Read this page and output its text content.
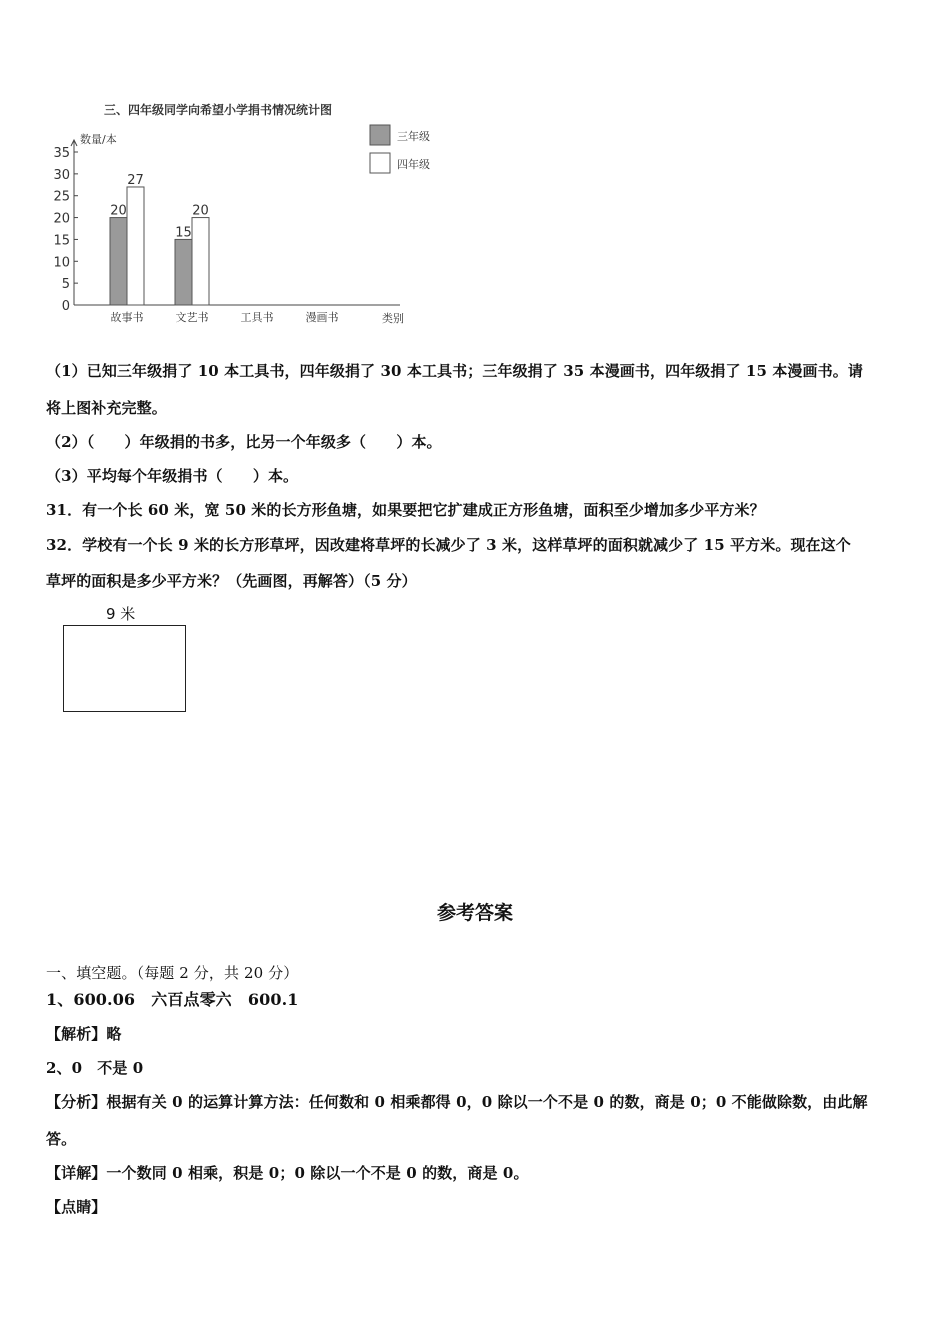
三、四年级同学向希望小学捐书情况统计图
数量/本
0
5
10
15
20
25
30
35
20
27
故事书
15
20
文艺书	工具书	漫画书	类别
三年级
四年级
（1）已知三年级捐了 10 本工具书，四年级捐了 30 本工具书；三年级捐了 35 本漫画书，四年级捐了 15 本漫画书。请
将上图补充完整。
（2）（　　）年级捐的书多，比另一个年级多（　　）本。
（3）平均每个年级捐书（　　）本。
31．有一个长 60 米，宽 50 米的长方形鱼塘，如果要把它扩建成正方形鱼塘，面积至少增加多少平方米？
32．学校有一个长 9 米的长方形草坪，因改建将草坪的长减少了 3 米，这样草坪的面积就减少了 15 平方米。现在这个
草坪的面积是多少平方米？（先画图，再解答）（5 分）
9 米
参考答案
一、填空题。（每题 2 分，共 20 分）
1、600.06　六百点零六　600.1
【解析】略
2、0　不是 0
【分析】根据有关 0 的运算计算方法：任何数和 0 相乘都得 0，0 除以一个不是 0 的数，商是 0；0 不能做除数，由此解
答。
【详解】一个数同 0 相乘，积是 0；0 除以一个不是 0 的数，商是 0。
【点睛】
